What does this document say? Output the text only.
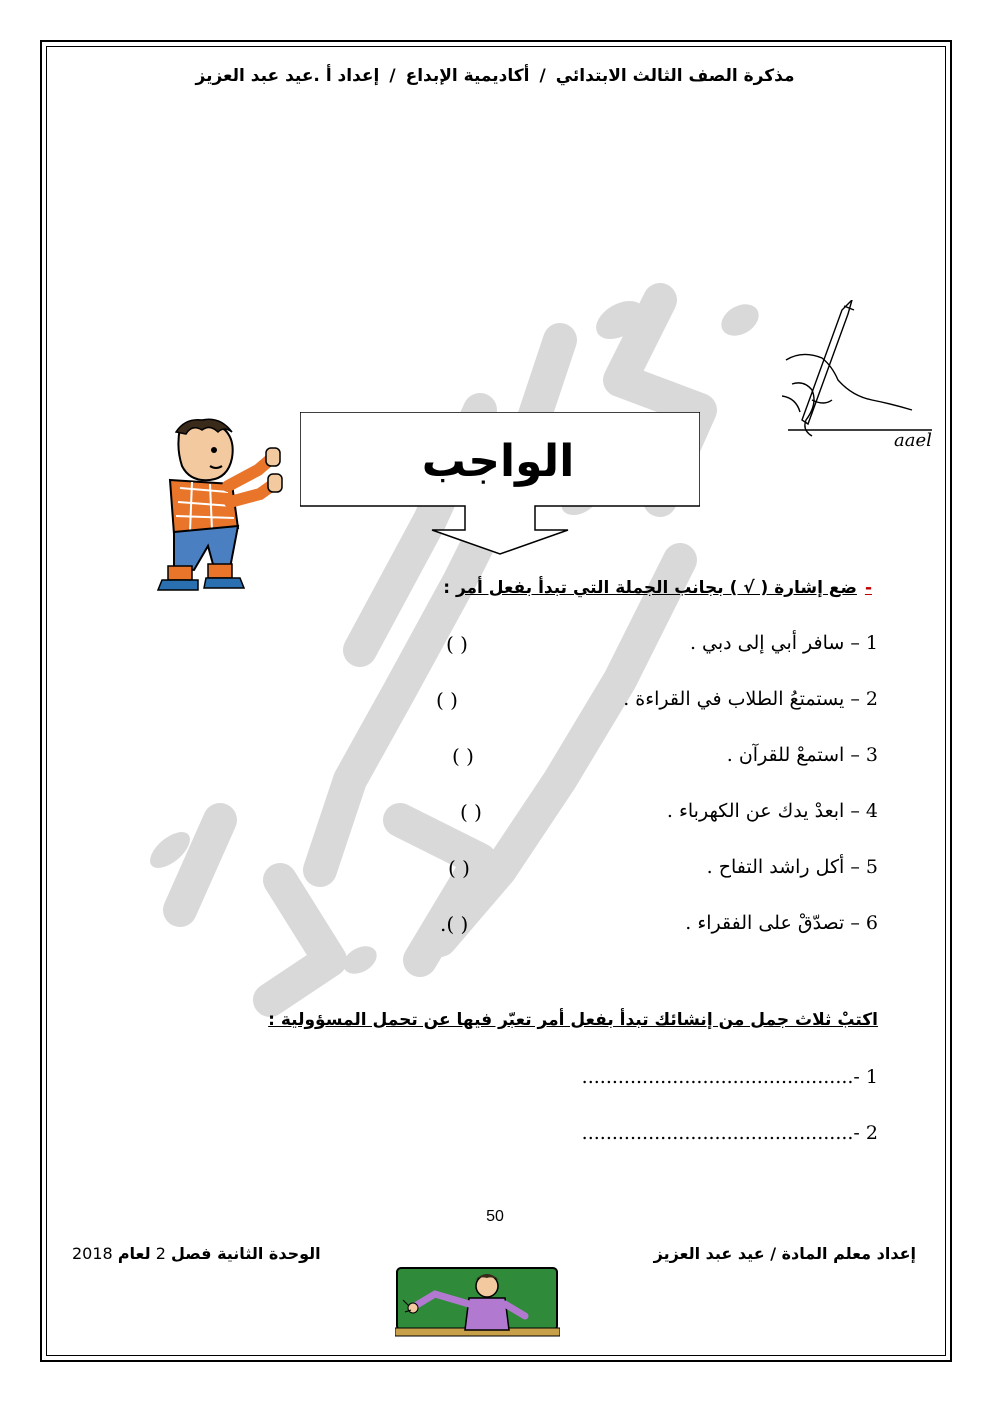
مذكرة الصف الثالث الابتدائي
/
أكاديمية الإبداع
/
إعداد أ .عيد عبد العزيز
aael
الواجب
-ضع إشارة ( √ ) بجانب الجملة التي تبدأ بفعل أمر :
1 – سافر أبي إلى دبي .
( )
2 – يستمتعُ الطلاب في القراءة .
( )
3 – استمعْ للقرآن .
( )
4 – ابعدْ يدك عن الكهرباء .
( )
5 – أكل راشد التفاح .
( )
6 – تصدّقْ على الفقراء .
.( )
اكتبْ ثلاث جمل من إنشائك تبدأ بفعل أمر تعبّر فيها عن تحمل المسؤولية :
1 -.............................................
2 -.............................................
50
إعداد معلم المادة / عيد عبد العزيز
الوحدة الثانية فصل 2 لعام 2018
